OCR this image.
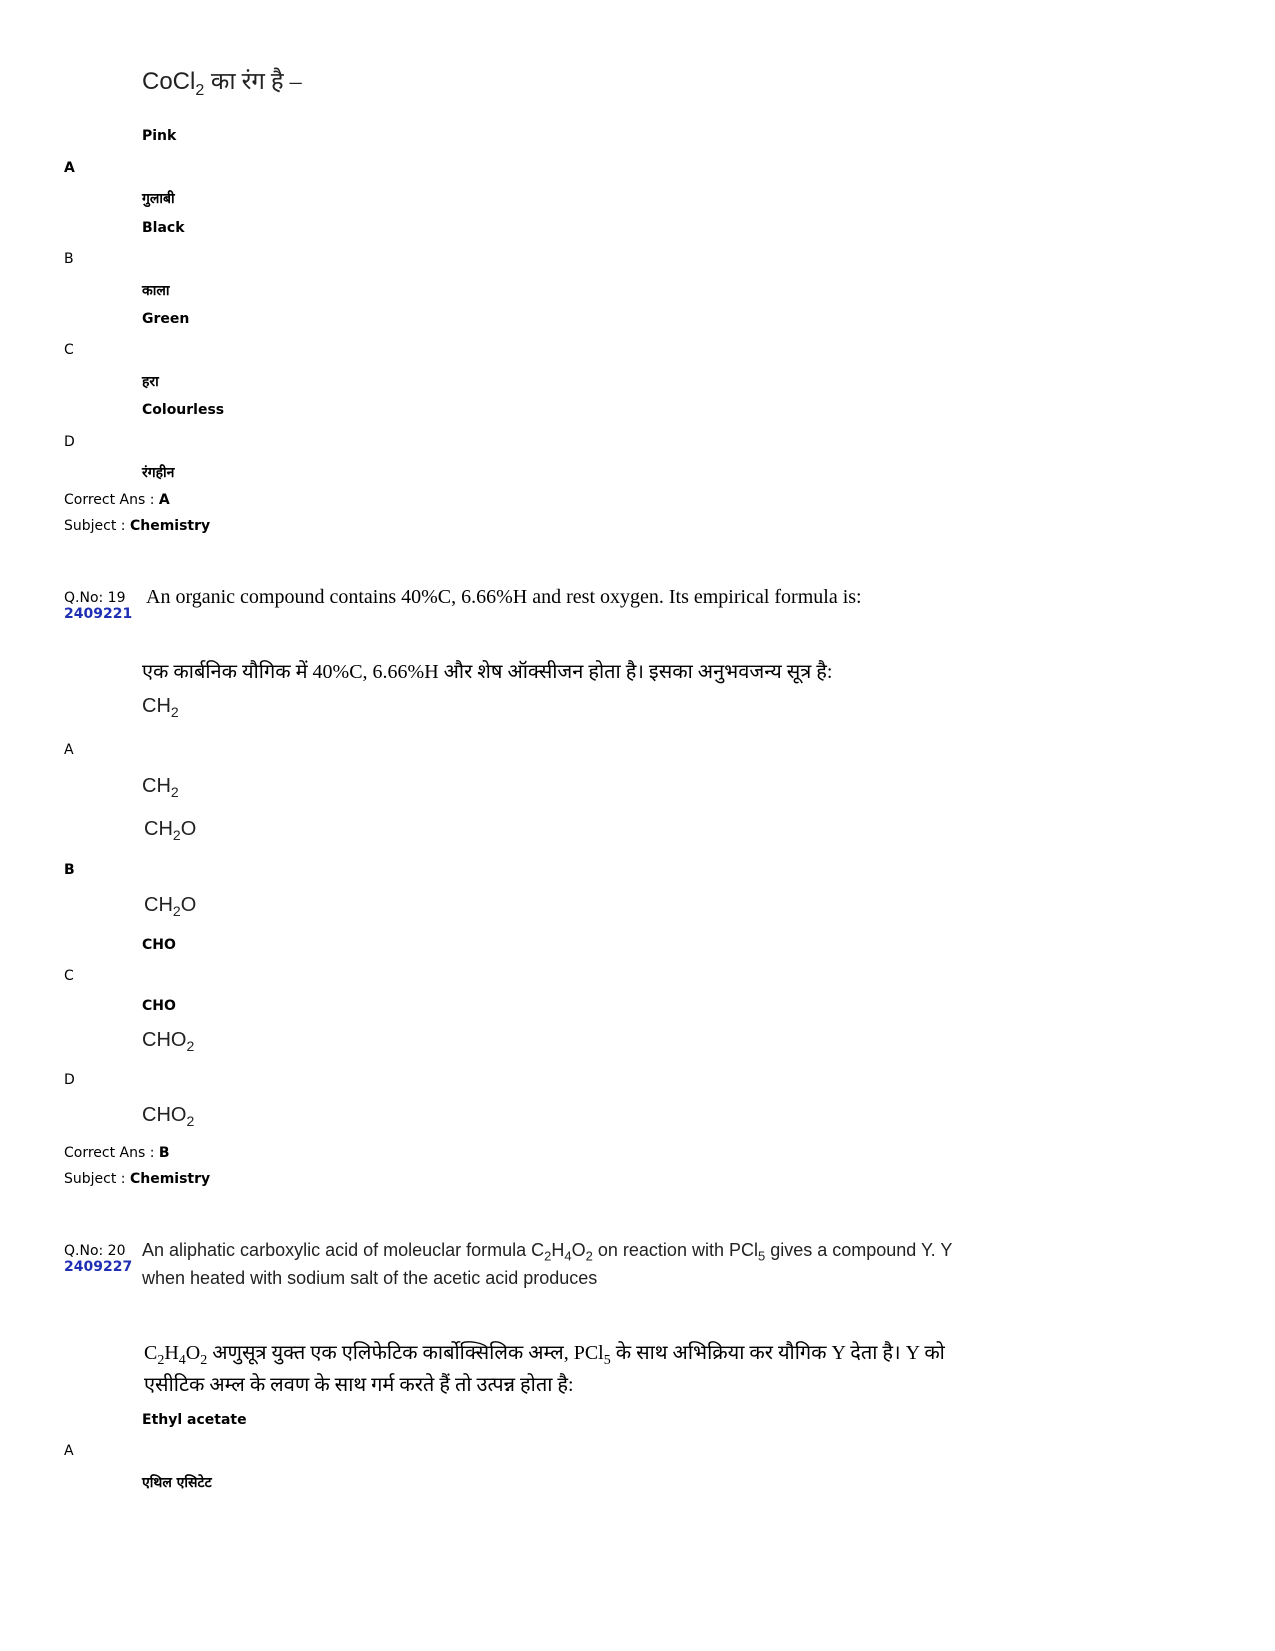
CoCl$_2$ का रंग है –
Pink
A
गुलाबी
Black
B
काला
Green
C
हरा
Colourless
D
रंगहीन
Correct Ans : A
Subject : Chemistry
Q.No: 19
2409221
An organic compound contains 40%C, 6.66%H and rest oxygen. Its empirical formula is:
एक कार्बनिक यौगिक में 40%C, 6.66%H और शेष ऑक्सीजन होता है। इसका अनुभवजन्य सूत्र है:
$CH_2$
A
$CH_2$
$CH_2O$
B
$CH_2O$
CHO
C
CHO
$CHO_2$
D
$CHO_2$
Correct Ans : B
Subject : Chemistry
Q.No: 20
2409227
An aliphatic carboxylic acid of moleuclar formula $C_2H_4O_2$ on reaction with PCl$_5$ gives a compound Y. Y
when heated with sodium salt of the acetic acid produces
$C_2H_4O_2$ अणुसूत्र युक्त एक एलिफेटिक कार्बोक्सिलिक अम्ल, PCl$_5$ के साथ अभिक्रिया कर यौगिक Y देता है। Y को
एसीटिक अम्ल के लवण के साथ गर्म करते हैं तो उत्पन्न होता है:
Ethyl acetate
A
एथिल एसिटेट
